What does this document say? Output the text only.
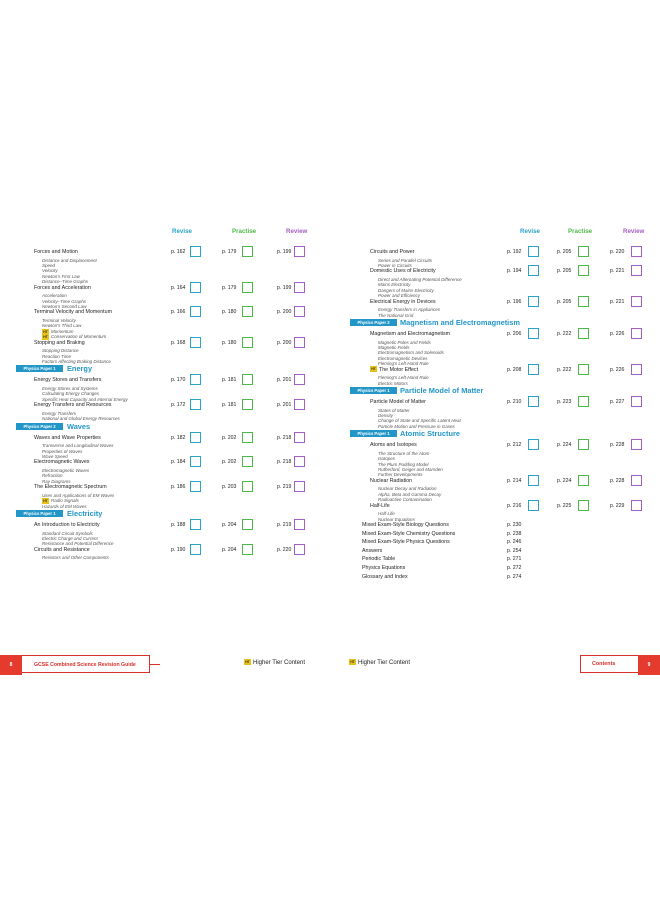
Revise	Practise	Review
Forces and Motion	p. 162	p. 179	p. 199
Distance and Displacement
Speed
Velocity
Newton's First Law
Distance–Time Graphs
Forces and Acceleration	p. 164	p. 179	p. 199
Acceleration
Velocity–Time Graphs
Newton's Second Law
Terminal Velocity and Momentum	p. 166	p. 180	p. 200
Terminal Velocity
Newton's Third Law
HT Momentum
HT Conservation of Momentum
Stopping and Braking	p. 168	p. 180	p. 200
Stopping Distance
Reaction Time
Factors Affecting Braking Distance
Physics Paper 1	Energy
Energy Stores and Transfers	p. 170	p. 181	p. 201
Energy Stores and Systems
Calculating Energy Changes
Specific Heat Capacity and Internal Energy
Energy Transfers and Resources	p. 172	p. 181	p. 201
Energy Transfers
National and Global Energy Resources
Physics Paper 2	Waves
Waves and Wave Properties	p. 182	p. 202	p. 218
Transverse and Longitudinal Waves
Properties of Waves
Wave Speed
Electromagnetic Waves	p. 184	p. 202	p. 218
Electromagnetic Waves
Refraction
Ray Diagrams
The Electromagnetic Spectrum	p. 186	p. 203	p. 219
Uses and Applications of EM Waves
HT Radio Signals
Hazards of EM Waves
Physics Paper 1	Electricity
An Introduction to Electricity	p. 188	p. 204	p. 219
Standard Circuit Symbols
Electric Charge and Current
Resistance and Potential Difference
Circuits and Resistance	p. 190	p. 204	p. 220
Resistors and Other Components
Revise	Practise	Review
Circuits and Power	p. 192	p. 205	p. 220
Series and Parallel Circuits
Power in Circuits
Domestic Uses of Electricity	p. 194	p. 205	p. 221
Direct and Alternating Potential Difference
Mains Electricity
Dangers of Mains Electricity
Power and Efficiency
Electrical Energy in Devices	p. 196	p. 205	p. 221
Energy Transfers in Appliances
The National Grid
Physics Paper 2	Magnetism and Electromagnetism
Magnetism and Electromagnetism	p. 206	p. 222	p. 226
Magnetic Poles and Fields
Magnetic Fields
Electromagnetism and Solenoids
Electromagnetic Devices
Fleming's Left-Hand Rule
HT The Motor Effect	p. 208	p. 222	p. 226
Fleming's Left-Hand Rule
Electric Motors
Physics Paper 1	Particle Model of Matter
Particle Model of Matter	p. 210	p. 223	p. 227
States of Matter
Density
Change of State and Specific Latent Heat
Particle Motion and Pressure in Gases
Physics Paper 1	Atomic Structure
Atoms and Isotopes	p. 212	p. 224	p. 228
The Structure of the Atom
Isotopes
The Plum Pudding Model
Rutherford, Geiger and Marsden
Further Developments
Nuclear Radiation	p. 214	p. 224	p. 228
Nuclear Decay and Radiation
Alpha, Beta and Gamma Decay
Radioactive Contamination
Half-Life	p. 216	p. 225	p. 229
Half-Life
Nuclear Equations
Mixed Exam-Style Biology Questions	p. 230
Mixed Exam-Style Chemistry Questions	p. 238
Mixed Exam-Style Physics Questions	p. 246
Answers	p. 254
Periodic Table	p. 271
Physics Equations	p. 272
Glossary and Index	p. 274
8	GCSE Combined Science Revision Guide	HT Higher Tier Content	HT Higher Tier Content	Contents	9
